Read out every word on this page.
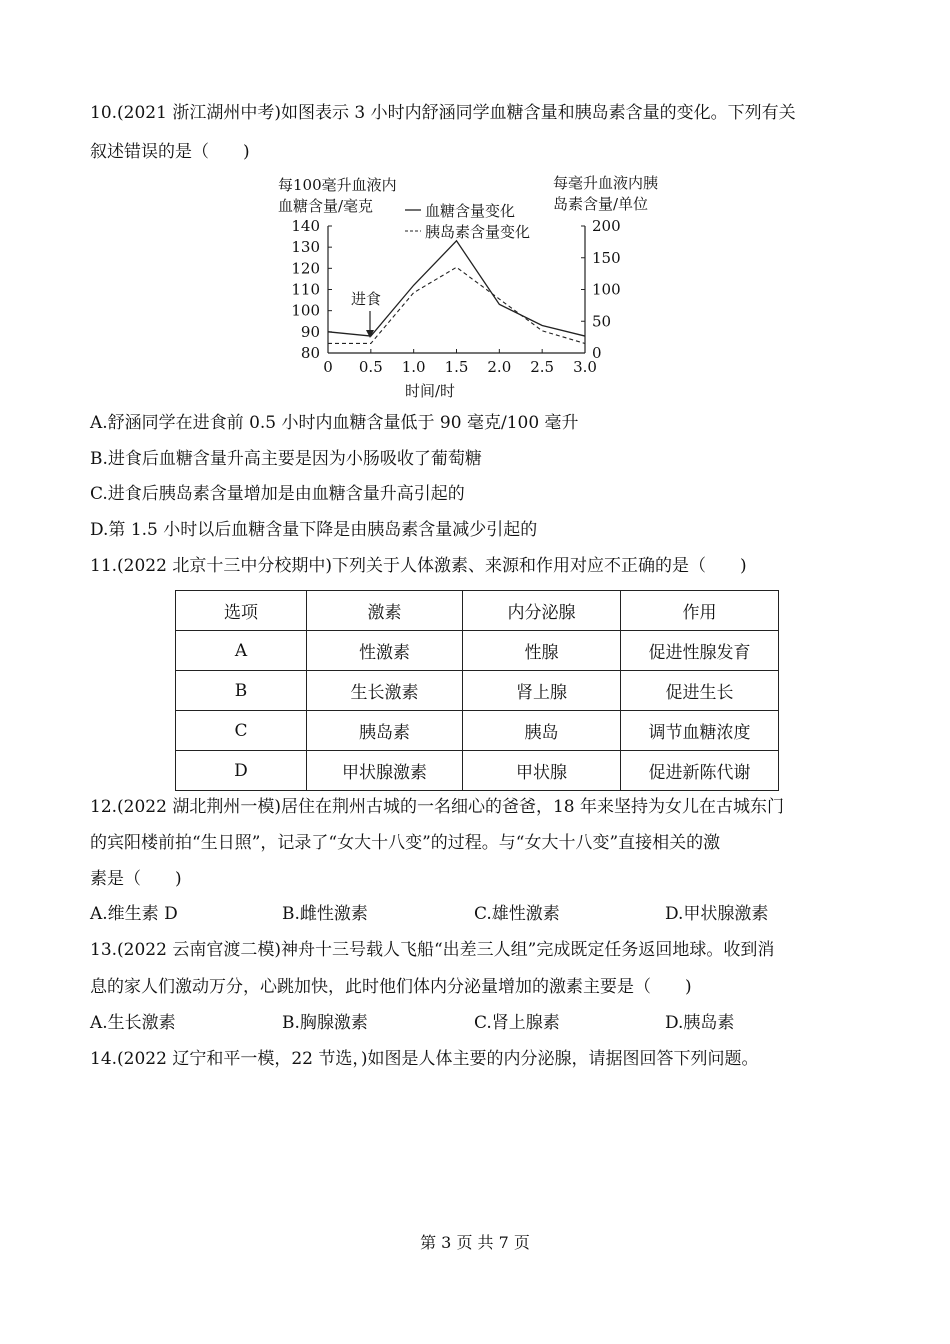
10.(2021 浙江湖州中考)如图表示 3 小时内舒涵同学血糖含量和胰岛素含量的变化。下列有关
叙述错误的是（　　)
每100毫升血液内
血糖含量/毫克
每毫升血液内胰
岛素含量/单位
血糖含量变化
胰岛素含量变化
80
90
100
110
120
130
140
0
50
100
150
200
0 0.5 1.0 1.5 2.0 2.5 3.0
进食
时间/时
A.舒涵同学在进食前 0.5 小时内血糖含量低于 90 毫克/100 毫升
B.进食后血糖含量升高主要是因为小肠吸收了葡萄糖
C.进食后胰岛素含量增加是由血糖含量升高引起的
D.第 1.5 小时以后血糖含量下降是由胰岛素含量减少引起的
11.(2022 北京十三中分校期中)下列关于人体激素、来源和作用对应不正确的是（　　)
选项	激素	内分泌腺	作用
A	性激素	性腺	促进性腺发育
B	生长激素	肾上腺	促进生长
C	胰岛素	胰岛	调节血糖浓度
D	甲状腺激素	甲状腺	促进新陈代谢
12.(2022 湖北荆州一模)居住在荆州古城的一名细心的爸爸，18 年来坚持为女儿在古城东门
的宾阳楼前拍“生日照”，记录了“女大十八变”的过程。与“女大十八变”直接相关的激
素是（　　)
A.维生素 D	B.雌性激素	C.雄性激素	D.甲状腺激素
13.(2022 云南官渡二模)神舟十三号载人飞船“出差三人组”完成既定任务返回地球。收到消
息的家人们激动万分，心跳加快，此时他们体内分泌量增加的激素主要是（　　)
A.生长激素	B.胸腺激素	C.肾上腺素	D.胰岛素
14.(2022 辽宁和平一模，22 节选，)如图是人体主要的内分泌腺，请据图回答下列问题。
第 3 页 共 7 页
